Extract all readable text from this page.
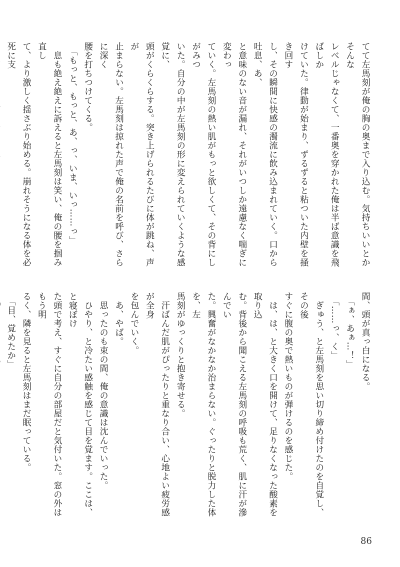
てて左馬刻が俺の胸の奥まで入り込む。気持ちいいとかそんな
レベルじゃなくて、一番奥を穿かれた俺は半ば意識を飛ばしか
けていた。律動が始まり、ずるずると粘ついた内壁を掻き回す
し、その瞬間に快感の濁流に飲み込まれていく。口から吐息、あ、
と意味のない音が漏れ、それがいつしか遠慮なく喘ぎに変わっ
ていく。左馬刻の熱い肌がもっと欲しくて、その背にしがみつ
いた。自分の中が左馬刻の形に変えられていくような感覚に、
頭がくらくらする。突き上げられるたびに体が跳ね、声が
止まらない。左馬刻は掠れた声で俺の名前を呼び、さらに深く
腰を打ちつけてくる。
　「もっと、もっと、あ、っ、いま、いっ……っ」
　息も絶え絶えに訴えると左馬刻は笑い、俺の腰を掴み直し
て、より激しく揺さぶり始める。崩れそうになる体を必死に支

間、頭が真っ白になる。
　「ぁ、あぁ…！」
　「……っ、く」
　ぎゅう、と左馬刻を思い切り締め付けたのを自覚し、その後
すぐに腹の奥で熱いものが弾けるのを感じた。
　は、は、と大きく口を開けて、足りなくなった酸素を取り込
む。背後から聞こえる左馬刻の呼吸も荒く、肌に汗が滲んでい
た。興奮がなかなか治まらない。ぐったりと脱力した体を、左
馬刻がゆっくりと抱き寄せる。
　汗ばんだ肌がぴったりと重なり合い、心地よい疲労感が全身
を包んでいく。
　あ、やば。
　思ったのも束の間、俺の意識は沈んでいった。
　ひやり、と冷たい感触を感じて目を覚ます。ここは、と寝ぼけ
た頭で考え、すぐに自分の部屋だと気付いた。窓の外はもう明
るく、隣を見ると左馬刻はまだ眠っている。
　「目、覚めたか」

86
